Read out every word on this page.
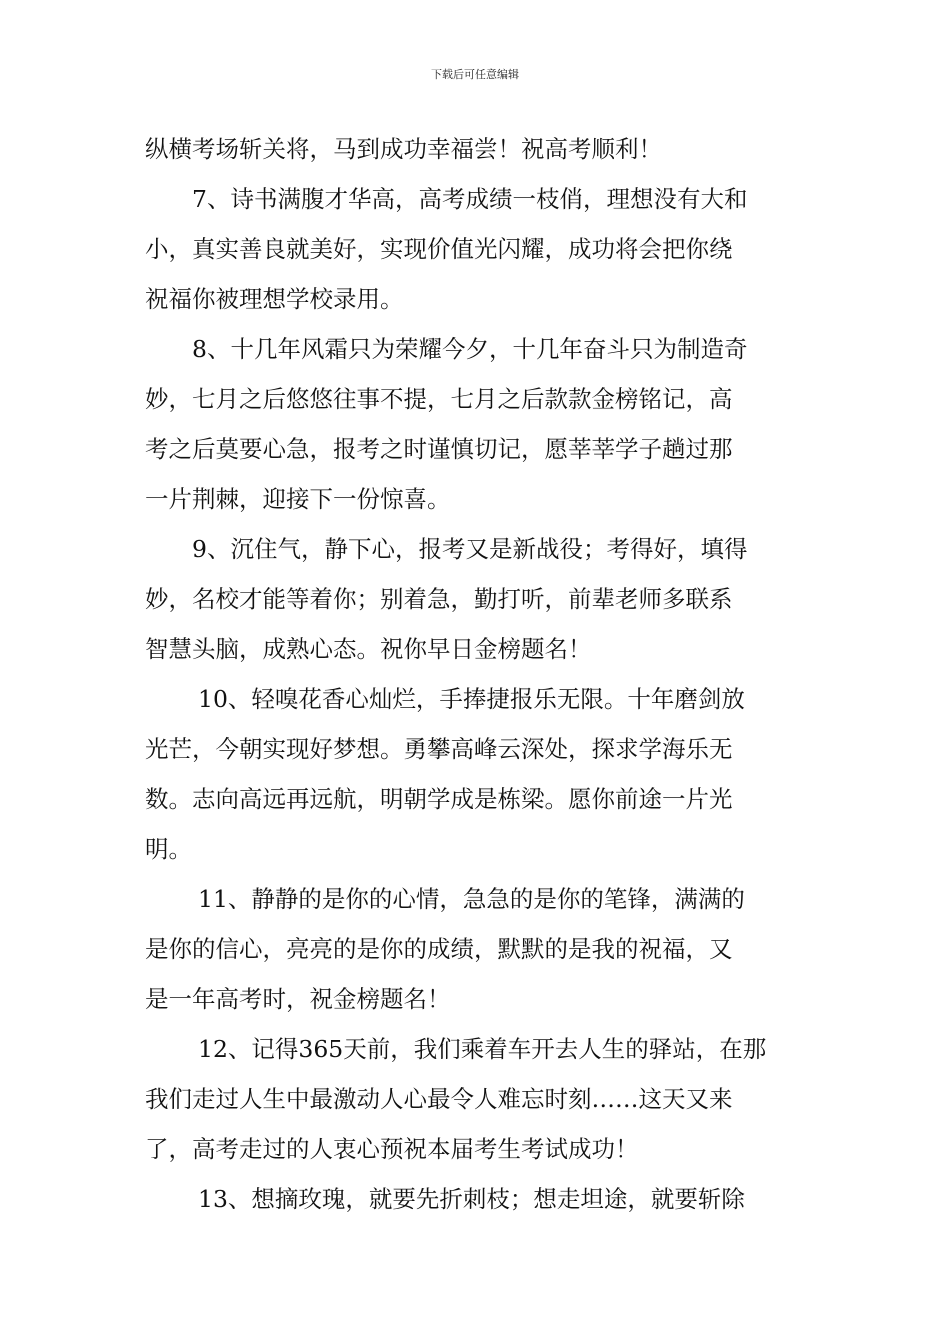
下载后可任意编辑
纵横考场斩关将，马到成功幸福尝！祝高考顺利！
7、诗书满腹才华高，高考成绩一枝俏，理想没有大和
小，真实善良就美好，实现价值光闪耀，成功将会把你绕
祝福你被理想学校录用。
8、十几年风霜只为荣耀今夕，十几年奋斗只为制造奇
妙，七月之后悠悠往事不提，七月之后款款金榜铭记，高
考之后莫要心急，报考之时谨慎切记，愿莘莘学子趟过那
一片荆棘，迎接下一份惊喜。
9、沉住气，静下心，报考又是新战役；考得好，填得
妙，名校才能等着你；别着急，勤打听，前辈老师多联系
智慧头脑，成熟心态。祝你早日金榜题名！
10、轻嗅花香心灿烂，手捧捷报乐无限。十年磨剑放
光芒，今朝实现好梦想。勇攀高峰云深处，探求学海乐无
数。志向高远再远航，明朝学成是栋梁。愿你前途一片光
明。
11、静静的是你的心情，急急的是你的笔锋，满满的
是你的信心，亮亮的是你的成绩，默默的是我的祝福，又
是一年高考时，祝金榜题名！
12、记得365天前，我们乘着车开去人生的驿站，在那
我们走过人生中最激动人心最令人难忘时刻……这天又来
了，高考走过的人衷心预祝本届考生考试成功！
13、想摘玫瑰，就要先折刺枝；想走坦途，就要斩除
